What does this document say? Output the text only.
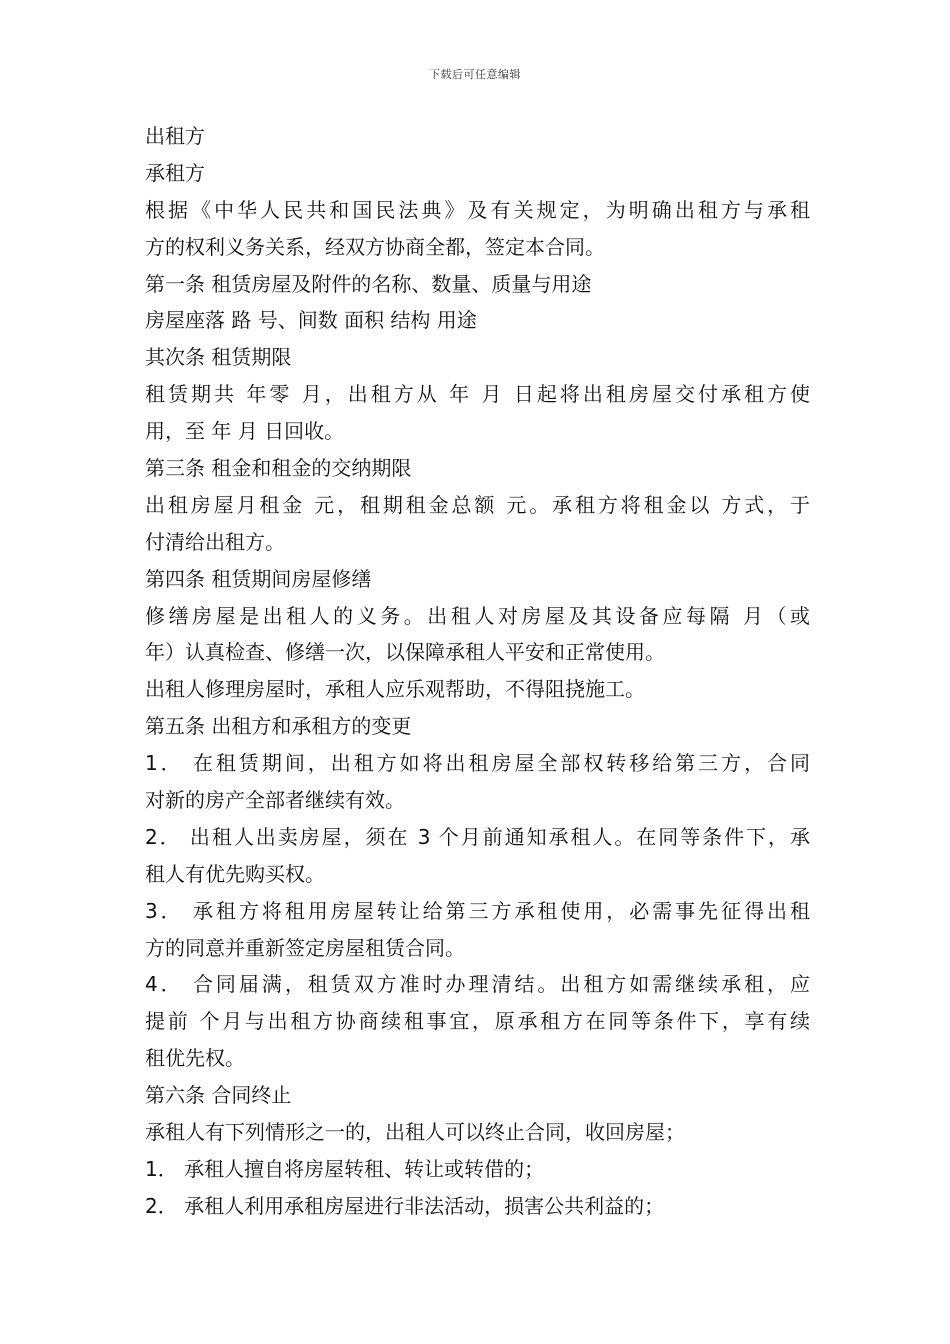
下载后可任意编辑
出租方
承租方
根据《中华人民共和国民法典》及有关规定，为明确出租方与承租
方的权利义务关系，经双方协商全都，签定本合同。
第一条 租赁房屋及附件的名称、数量、质量与用途
房屋座落 路 号、间数 面积 结构 用途
其次条 租赁期限
租赁期共 年零 月，出租方从 年 月 日起将出租房屋交付承租方使
用，至 年 月 日回收。
第三条 租金和租金的交纳期限
出租房屋月租金 元，租期租金总额 元。承租方将租金以 方式，于
付清给出租方。
第四条 租赁期间房屋修缮
修缮房屋是出租人的义务。出租人对房屋及其设备应每隔 月（或
年）认真检查、修缮一次，以保障承租人平安和正常使用。
出租人修理房屋时，承租人应乐观帮助，不得阻挠施工。
第五条 出租方和承租方的变更
1． 在租赁期间，出租方如将出租房屋全部权转移给第三方，合同
对新的房产全部者继续有效。
2． 出租人出卖房屋，须在 3 个月前通知承租人。在同等条件下，承
租人有优先购买权。
3． 承租方将租用房屋转让给第三方承租使用，必需事先征得出租
方的同意并重新签定房屋租赁合同。
4． 合同届满，租赁双方准时办理清结。出租方如需继续承租，应
提前 个月与出租方协商续租事宜，原承租方在同等条件下，享有续
租优先权。
第六条 合同终止
承租人有下列情形之一的，出租人可以终止合同，收回房屋；
1． 承租人擅自将房屋转租、转让或转借的；
2． 承租人利用承租房屋进行非法活动，损害公共利益的；
